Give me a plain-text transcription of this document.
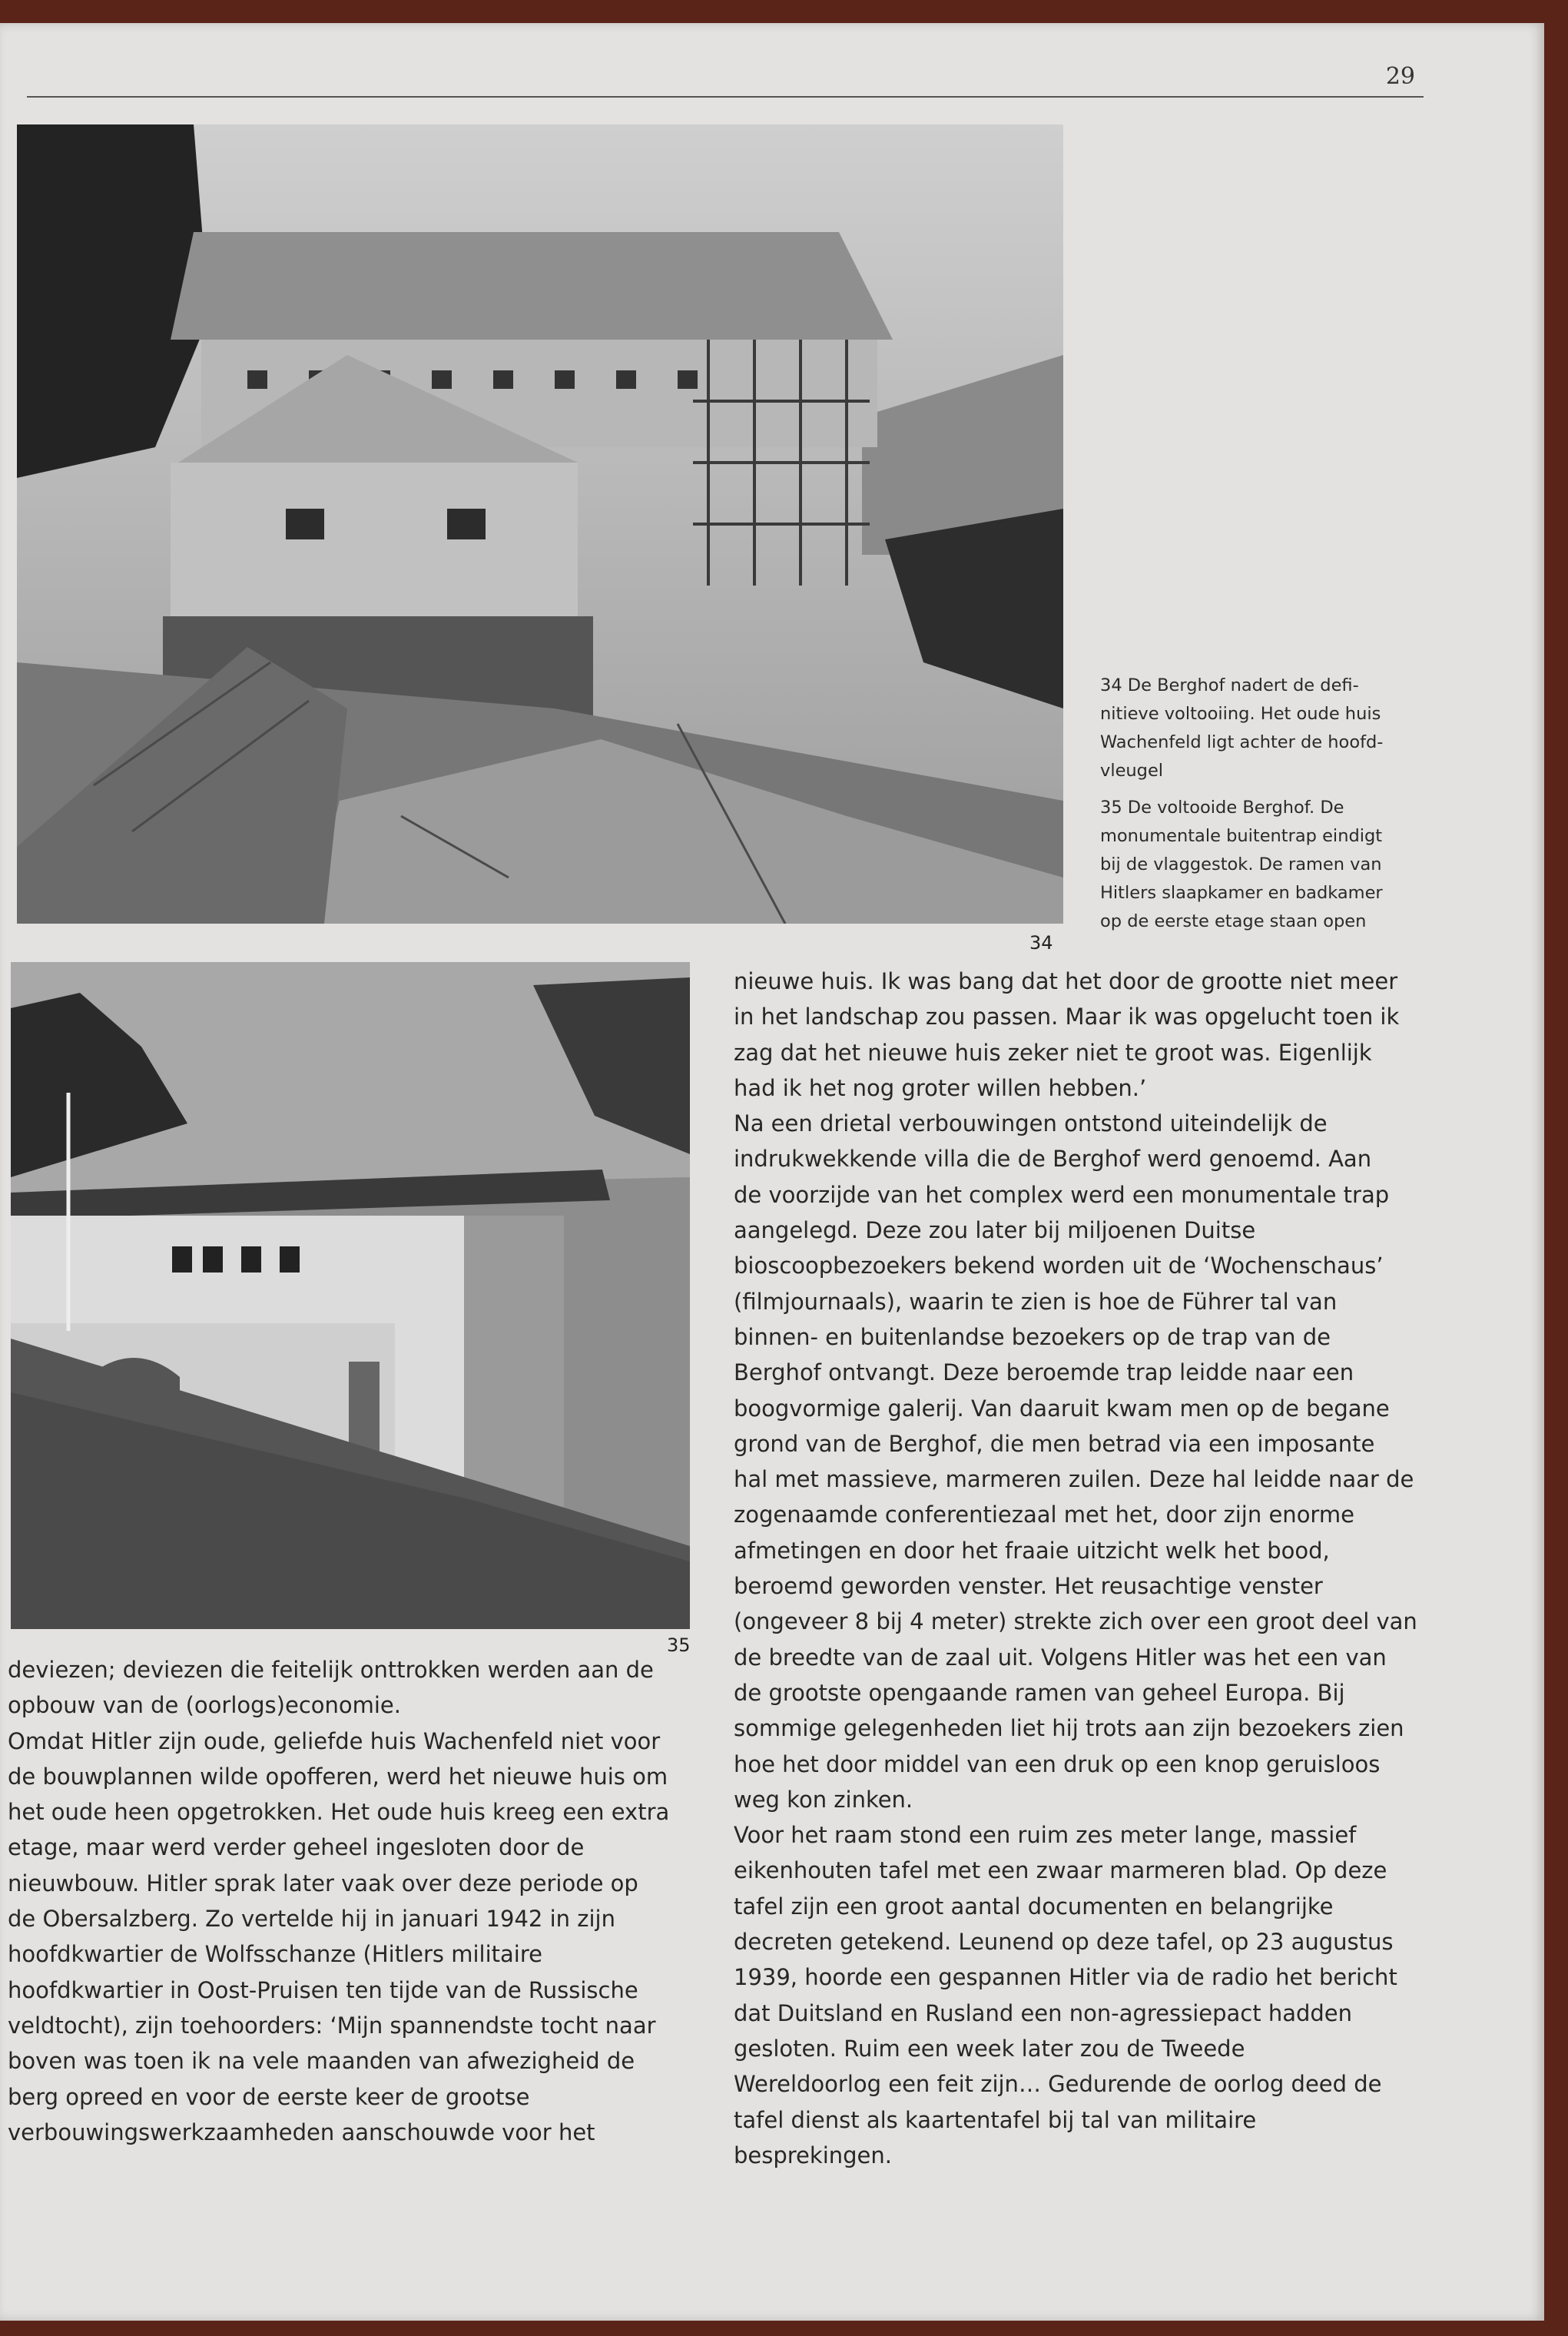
29
34
35

34 De Berghof nadert de defi-
nitieve voltooiing. Het oude huis
Wachenfeld ligt achter de hoofd-
vleugel

35 De voltooide Berghof. De
monumentale buitentrap eindigt
bij de vlaggestok. De ramen van
Hitlers slaapkamer en badkamer
op de eerste etage staan open

deviezen; deviezen die feitelijk onttrokken werden aan de
opbouw van de (oorlogs)economie.
Omdat Hitler zijn oude, geliefde huis Wachenfeld niet voor
de bouwplannen wilde opofferen, werd het nieuwe huis om
het oude heen opgetrokken. Het oude huis kreeg een extra
etage, maar werd verder geheel ingesloten door de
nieuwbouw. Hitler sprak later vaak over deze periode op
de Obersalzberg. Zo vertelde hij in januari 1942 in zijn
hoofdkwartier de Wolfsschanze (Hitlers militaire
hoofdkwartier in Oost-Pruisen ten tijde van de Russische
veldtocht), zijn toehoorders: ‘Mijn spannendste tocht naar
boven was toen ik na vele maanden van afwezigheid de
berg opreed en voor de eerste keer de grootse
verbouwingswerkzaamheden aanschouwde voor het
nieuwe huis. Ik was bang dat het door de grootte niet meer
in het landschap zou passen. Maar ik was opgelucht toen ik
zag dat het nieuwe huis zeker niet te groot was. Eigenlijk
had ik het nog groter willen hebben.’
Na een drietal verbouwingen ontstond uiteindelijk de
indrukwekkende villa die de Berghof werd genoemd. Aan
de voorzijde van het complex werd een monumentale trap
aangelegd. Deze zou later bij miljoenen Duitse
bioscoopbezoekers bekend worden uit de ‘Wochenschaus’
(filmjournaals), waarin te zien is hoe de Führer tal van
binnen- en buitenlandse bezoekers op de trap van de
Berghof ontvangt. Deze beroemde trap leidde naar een
boogvormige galerij. Van daaruit kwam men op de begane
grond van de Berghof, die men betrad via een imposante
hal met massieve, marmeren zuilen. Deze hal leidde naar de
zogenaamde conferentiezaal met het, door zijn enorme
afmetingen en door het fraaie uitzicht welk het bood,
beroemd geworden venster. Het reusachtige venster
(ongeveer 8 bij 4 meter) strekte zich over een groot deel van
de breedte van de zaal uit. Volgens Hitler was het een van
de grootste opengaande ramen van geheel Europa. Bij
sommige gelegenheden liet hij trots aan zijn bezoekers zien
hoe het door middel van een druk op een knop geruisloos
weg kon zinken.
Voor het raam stond een ruim zes meter lange, massief
eikenhouten tafel met een zwaar marmeren blad. Op deze
tafel zijn een groot aantal documenten en belangrijke
decreten getekend. Leunend op deze tafel, op 23 augustus
1939, hoorde een gespannen Hitler via de radio het bericht
dat Duitsland en Rusland een non-agressiepact hadden
gesloten. Ruim een week later zou de Tweede
Wereldoorlog een feit zijn… Gedurende de oorlog deed de
tafel dienst als kaartentafel bij tal van militaire
besprekingen.
